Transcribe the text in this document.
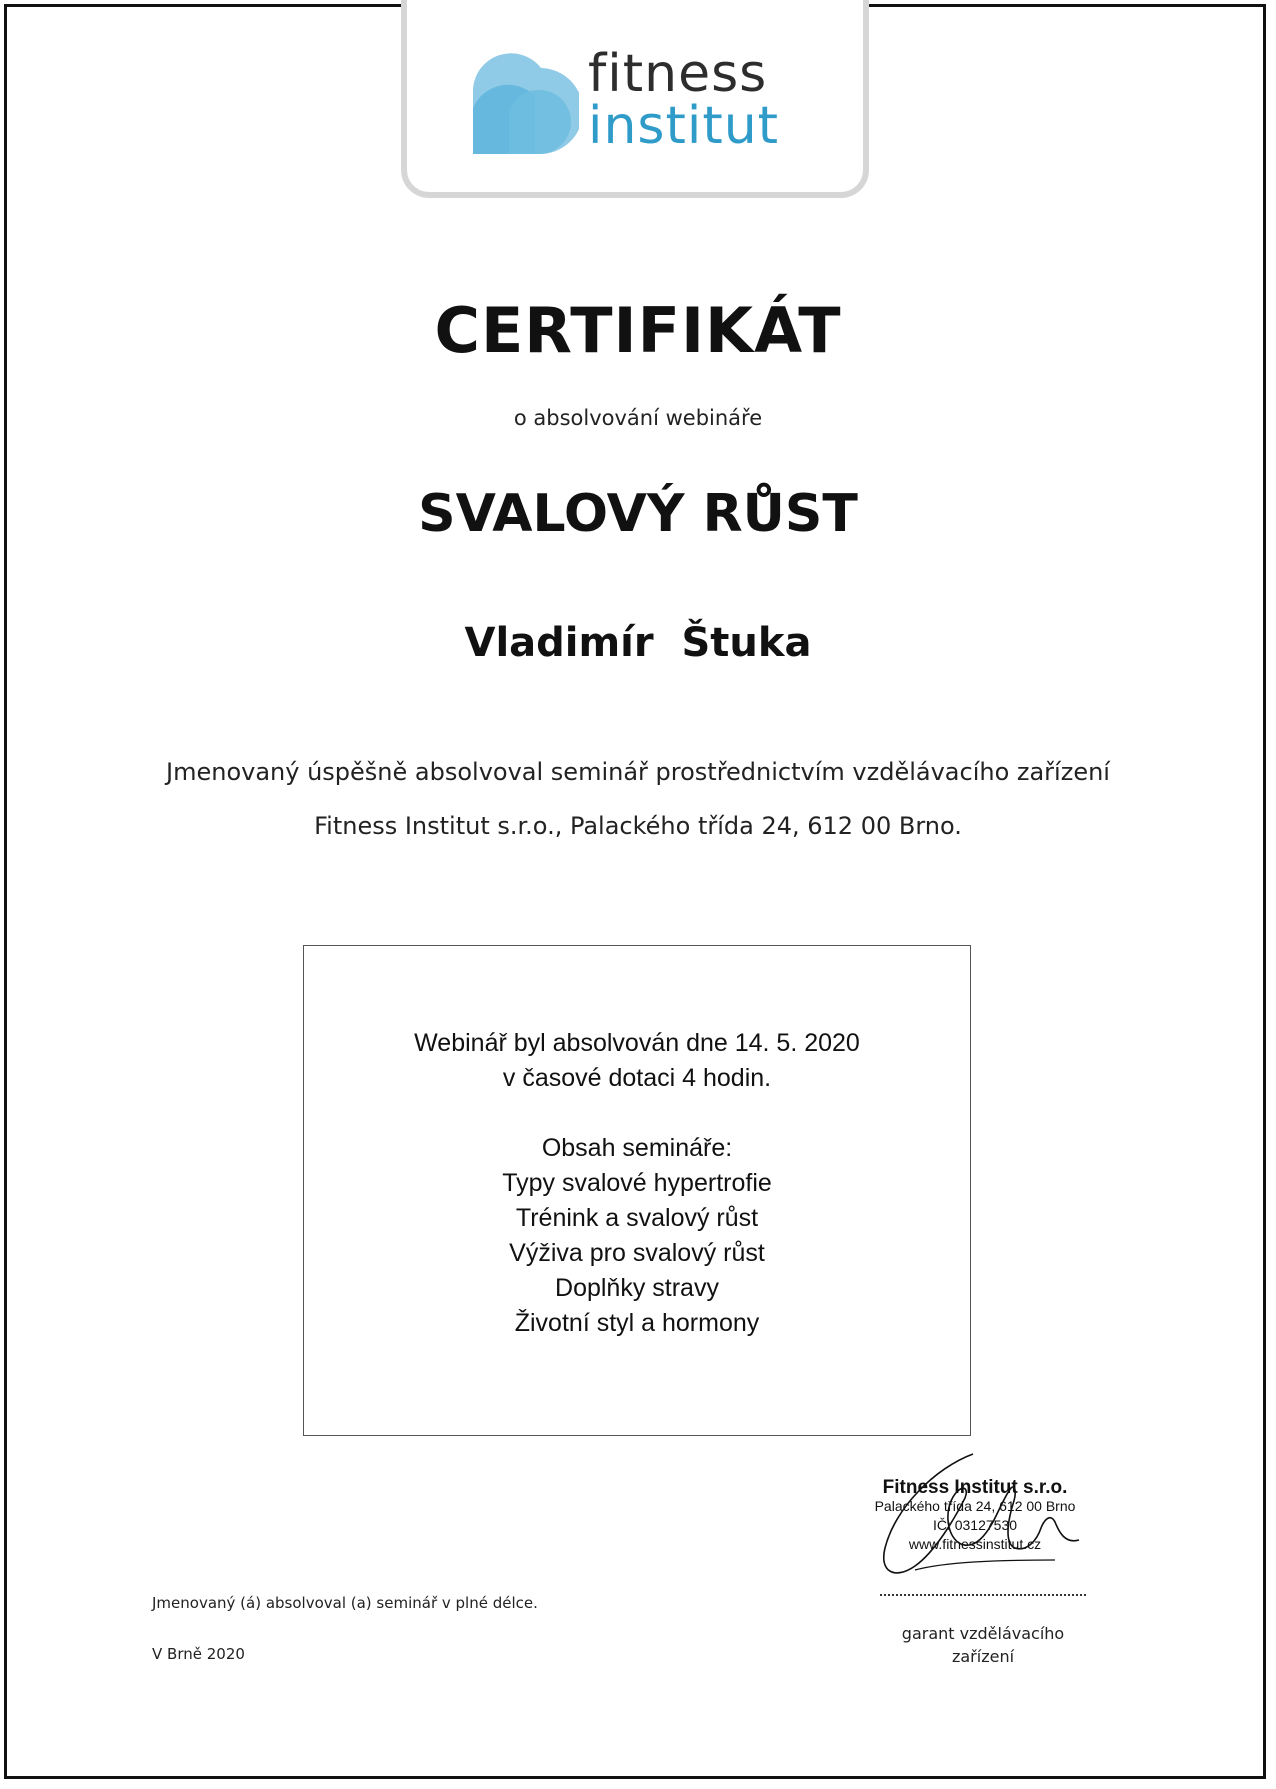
fitness
institut
CERTIFIKÁT
o absolvování webináře
SVALOVÝ RŮST
Vladimír  Štuka
Jmenovaný úspěšně absolvoval seminář prostřednictvím vzdělávacího zařízení
Fitness Institut s.r.o., Palackého třída 24, 612 00 Brno.
Webinář byl absolvován dne 14. 5. 2020
v časové dotaci 4 hodin.
Obsah semináře:
Typy svalové hypertrofie
Trénink a svalový růst
Výživa pro svalový růst
Doplňky stravy
Životní styl a hormony
Fitness Institut s.r.o.
Palackého třída 24, 612 00 Brno
IČ: 03127530
www.fitnessinstitut.cz
garant vzdělávacího
zařízení
Jmenovaný (á) absolvoval (a) seminář v plné délce.
V Brně 2020
